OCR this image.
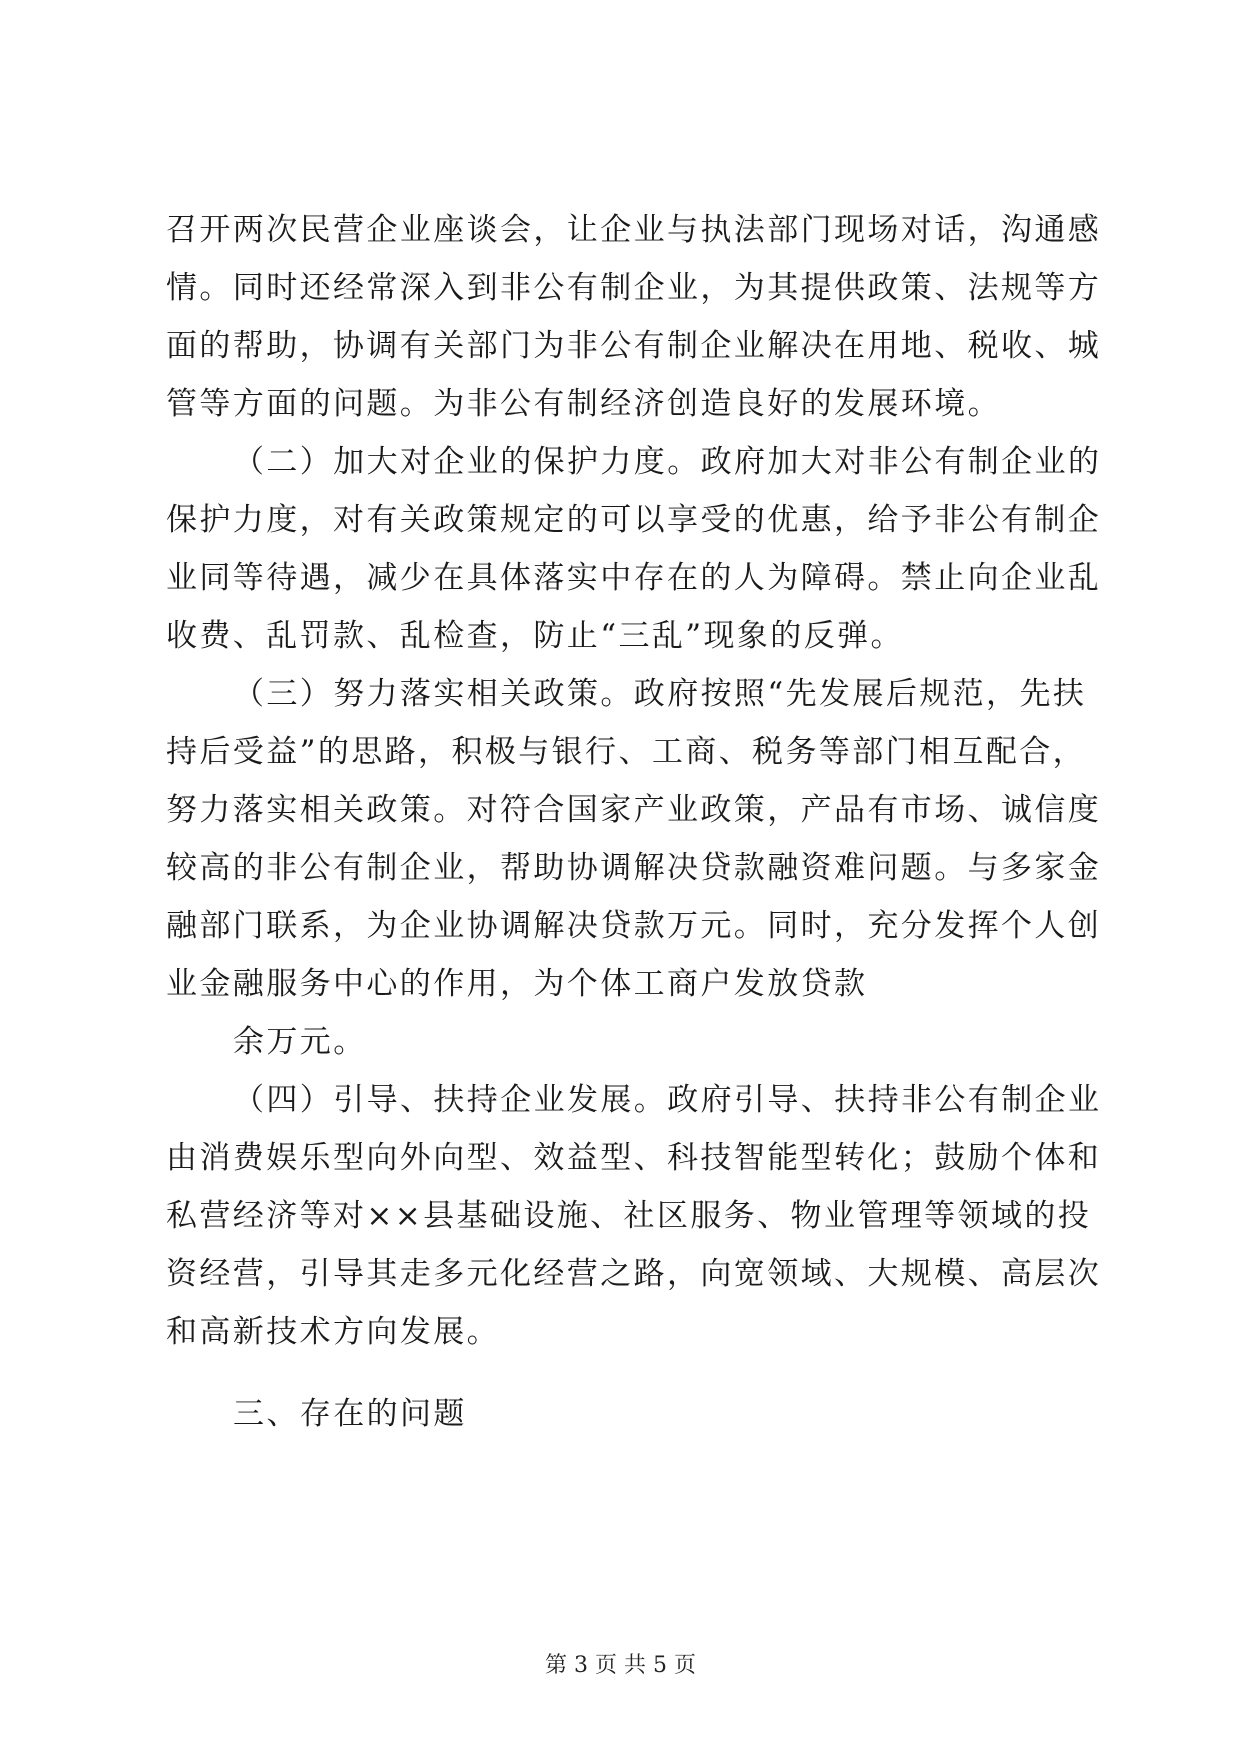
召开两次民营企业座谈会，让企业与执法部门现场对话，沟通感
情。同时还经常深入到非公有制企业，为其提供政策、法规等方
面的帮助，协调有关部门为非公有制企业解决在用地、税收、城
管等方面的问题。为非公有制经济创造良好的发展环境。
（二）加大对企业的保护力度。政府加大对非公有制企业的
保护力度，对有关政策规定的可以享受的优惠，给予非公有制企
业同等待遇，减少在具体落实中存在的人为障碍。禁止向企业乱
收费、乱罚款、乱检查，防止“三乱”现象的反弹。
（三）努力落实相关政策。政府按照“先发展后规范，先扶
持后受益”的思路，积极与银行、工商、税务等部门相互配合，
努力落实相关政策。对符合国家产业政策，产品有市场、诚信度
较高的非公有制企业，帮助协调解决贷款融资难问题。与多家金
融部门联系，为企业协调解决贷款万元。同时，充分发挥个人创
业金融服务中心的作用，为个体工商户发放贷款
余万元。
（四）引导、扶持企业发展。政府引导、扶持非公有制企业
由消费娱乐型向外向型、效益型、科技智能型转化；鼓励个体和
私营经济等对××县基础设施、社区服务、物业管理等领域的投
资经营，引导其走多元化经营之路，向宽领域、大规模、高层次
和高新技术方向发展。
三、存在的问题
第 3 页 共 5 页
